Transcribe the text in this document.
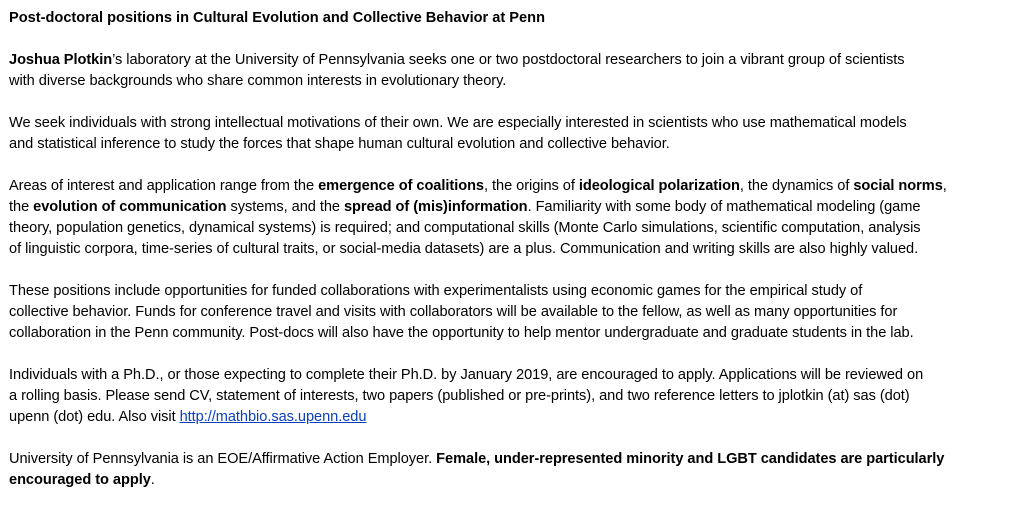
Post-doctoral positions in Cultural Evolution and Collective Behavior at Penn
Joshua Plotkin’s laboratory at the University of Pennsylvania seeks one or two postdoctoral researchers to join a vibrant group of scientists
with diverse backgrounds who share common interests in evolutionary theory.
We seek individuals with strong intellectual motivations of their own. We are especially interested in scientists who use mathematical models
and statistical inference to study the forces that shape human cultural evolution and collective behavior.
Areas of interest and application range from the emergence of coalitions, the origins of ideological polarization, the dynamics of social norms,
the evolution of communication systems, and the spread of (mis)information. Familiarity with some body of mathematical modeling (game
theory, population genetics, dynamical systems) is required; and computational skills (Monte Carlo simulations, scientific computation, analysis
of linguistic corpora, time-series of cultural traits, or social-media datasets) are a plus. Communication and writing skills are also highly valued.
These positions include opportunities for funded collaborations with experimentalists using economic games for the empirical study of
collective behavior. Funds for conference travel and visits with collaborators will be available to the fellow, as well as many opportunities for
collaboration in the Penn community. Post-docs will also have the opportunity to help mentor undergraduate and graduate students in the lab.
Individuals with a Ph.D., or those expecting to complete their Ph.D. by January 2019, are encouraged to apply. Applications will be reviewed on
a rolling basis. Please send CV, statement of interests, two papers (published or pre-prints), and two reference letters to jplotkin (at) sas (dot)
upenn (dot) edu. Also visit http://mathbio.sas.upenn.edu
University of Pennsylvania is an EOE/Affirmative Action Employer. Female, under-represented minority and LGBT candidates are particularly
encouraged to apply.
